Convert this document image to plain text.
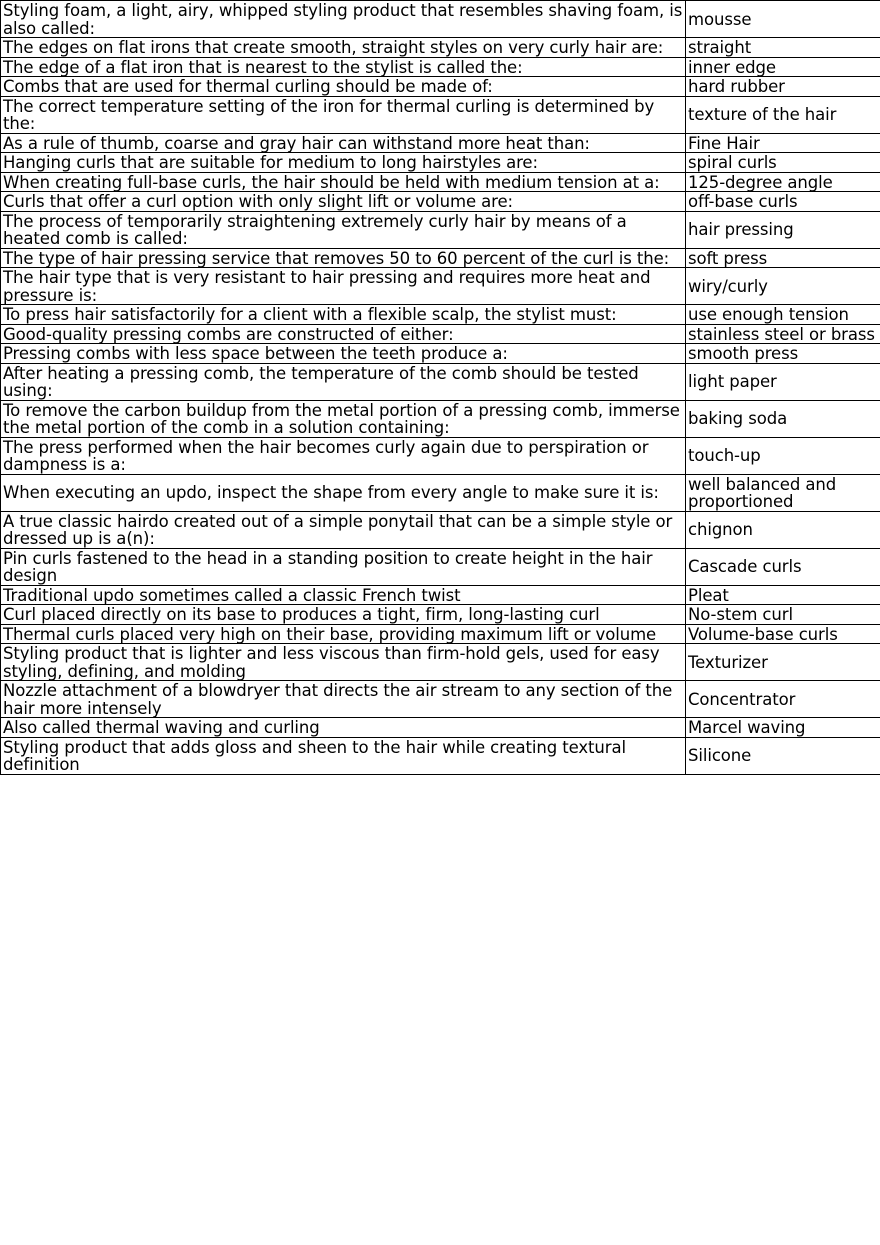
Styling foam, a light, airy, whipped styling product that resembles shaving foam, is also called:	mousse
The edges on flat irons that create smooth, straight styles on very curly hair are:	straight
The edge of a flat iron that is nearest to the stylist is called the:	inner edge
Combs that are used for thermal curling should be made of:	hard rubber
The correct temperature setting of the iron for thermal curling is determined by the:	texture of the hair
As a rule of thumb, coarse and gray hair can withstand more heat than:	Fine Hair
Hanging curls that are suitable for medium to long hairstyles are:	spiral curls
When creating full-base curls, the hair should be held with medium tension at a:	125-degree angle
Curls that offer a curl option with only slight lift or volume are:	off-base curls
The process of temporarily straightening extremely curly hair by means of a heated comb is called:	hair pressing
The type of hair pressing service that removes 50 to 60 percent of the curl is the:	soft press
The hair type that is very resistant to hair pressing and requires more heat and pressure is:	wiry/curly
To press hair satisfactorily for a client with a flexible scalp, the stylist must:	use enough tension
Good-quality pressing combs are constructed of either:	stainless steel or brass
Pressing combs with less space between the teeth produce a:	smooth press
After heating a pressing comb, the temperature of the comb should be tested using:	light paper
To remove the carbon buildup from the metal portion of a pressing comb, immerse the metal portion of the comb in a solution containing:	baking soda
The press performed when the hair becomes curly again due to perspiration or dampness is a:	touch-up
When executing an updo, inspect the shape from every angle to make sure it is:	well balanced and proportioned
A true classic hairdo created out of a simple ponytail that can be a simple style or dressed up is a(n):	chignon
Pin curls fastened to the head in a standing position to create height in the hair design	Cascade curls
Traditional updo sometimes called a classic French twist	Pleat
Curl placed directly on its base to produces a tight, firm, long-lasting curl	No-stem curl
Thermal curls placed very high on their base, providing maximum lift or volume	Volume-base curls
Styling product that is lighter and less viscous than firm-hold gels, used for easy styling, defining, and molding	Texturizer
Nozzle attachment of a blowdryer that directs the air stream to any section of the hair more intensely	Concentrator
Also called thermal waving and curling	Marcel waving
Styling product that adds gloss and sheen to the hair while creating textural definition	Silicone
